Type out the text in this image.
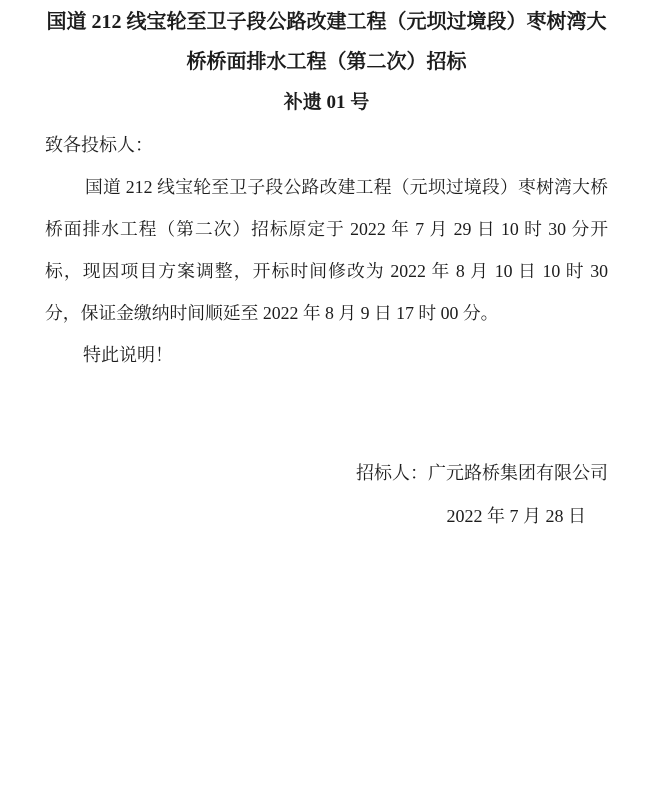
国道 212 线宝轮至卫子段公路改建工程（元坝过境段）枣树湾大
桥桥面排水工程（第二次）招标
补遗 01 号
致各投标人：

国道 212 线宝轮至卫子段公路改建工程（元坝过境段）枣树湾大桥桥面排水工程（第二次）招标原定于 2022 年 7 月 29 日 10 时 30 分开标，现因项目方案调整，开标时间修改为 2022 年 8 月 10 日 10 时 30 分，保证金缴纳时间顺延至 2022 年 8 月 9 日 17 时 00 分。

特此说明！

招标人：广元路桥集团有限公司
2022 年 7 月 28 日
